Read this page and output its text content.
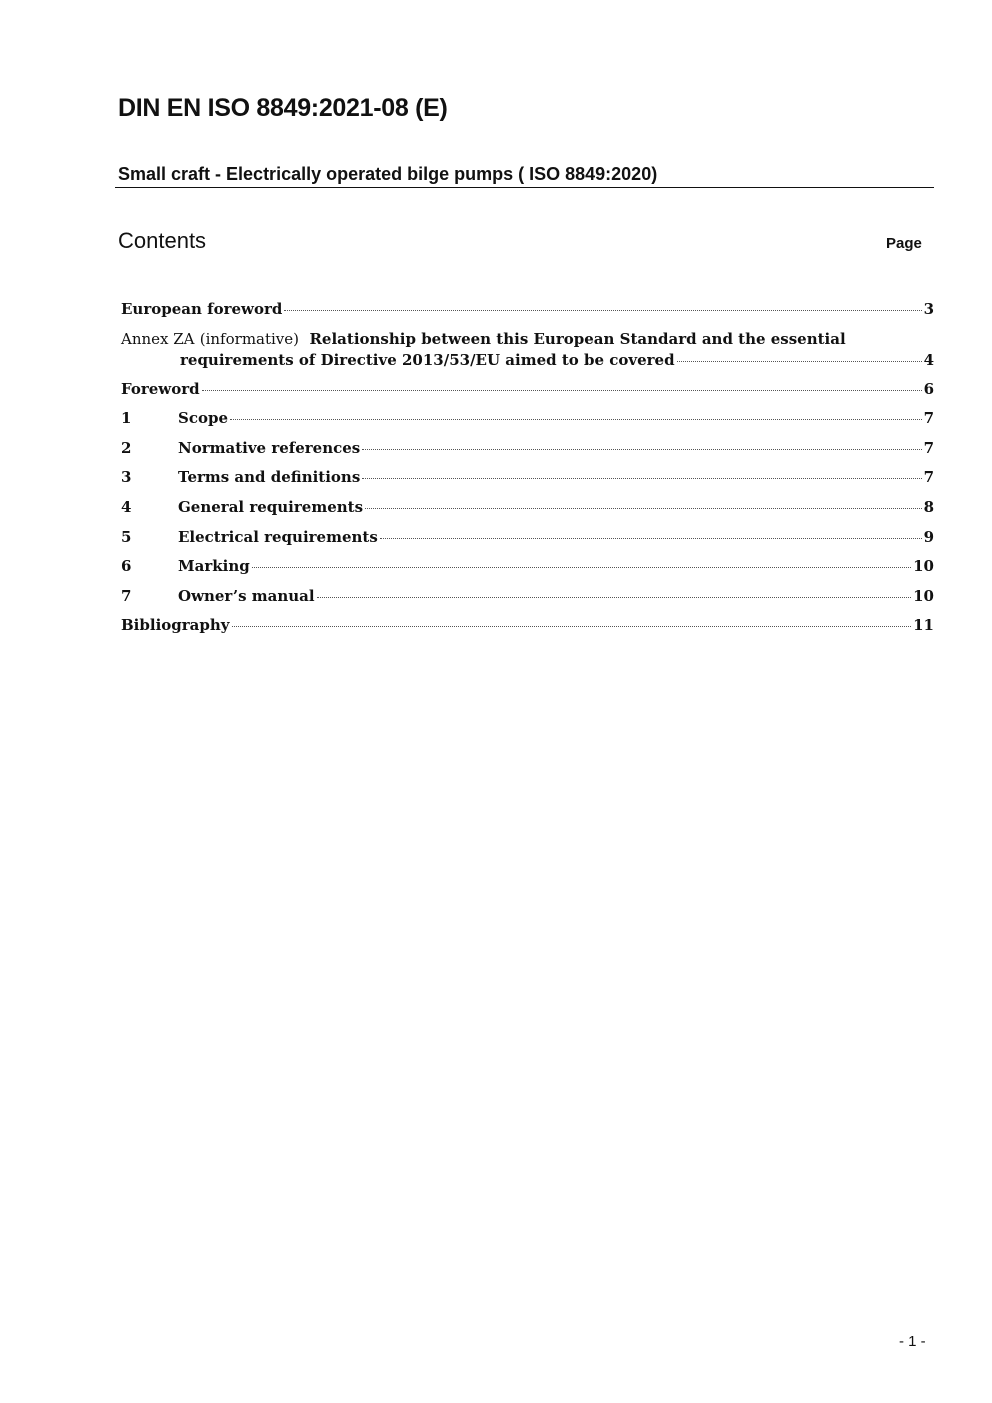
DIN EN ISO 8849:2021-08 (E)
Small craft - Electrically operated bilge pumps ( ISO 8849:2020)
Contents	Page
European foreword	3
Annex ZA (informative) Relationship between this European Standard and the essential
requirements of Directive 2013/53/EU aimed to be covered	4
Foreword	6
1	Scope	7
2	Normative references	7
3	Terms and definitions	7
4	General requirements	8
5	Electrical requirements	9
6	Marking	10
7	Owner’s manual	10
Bibliography	11
- 1 -
